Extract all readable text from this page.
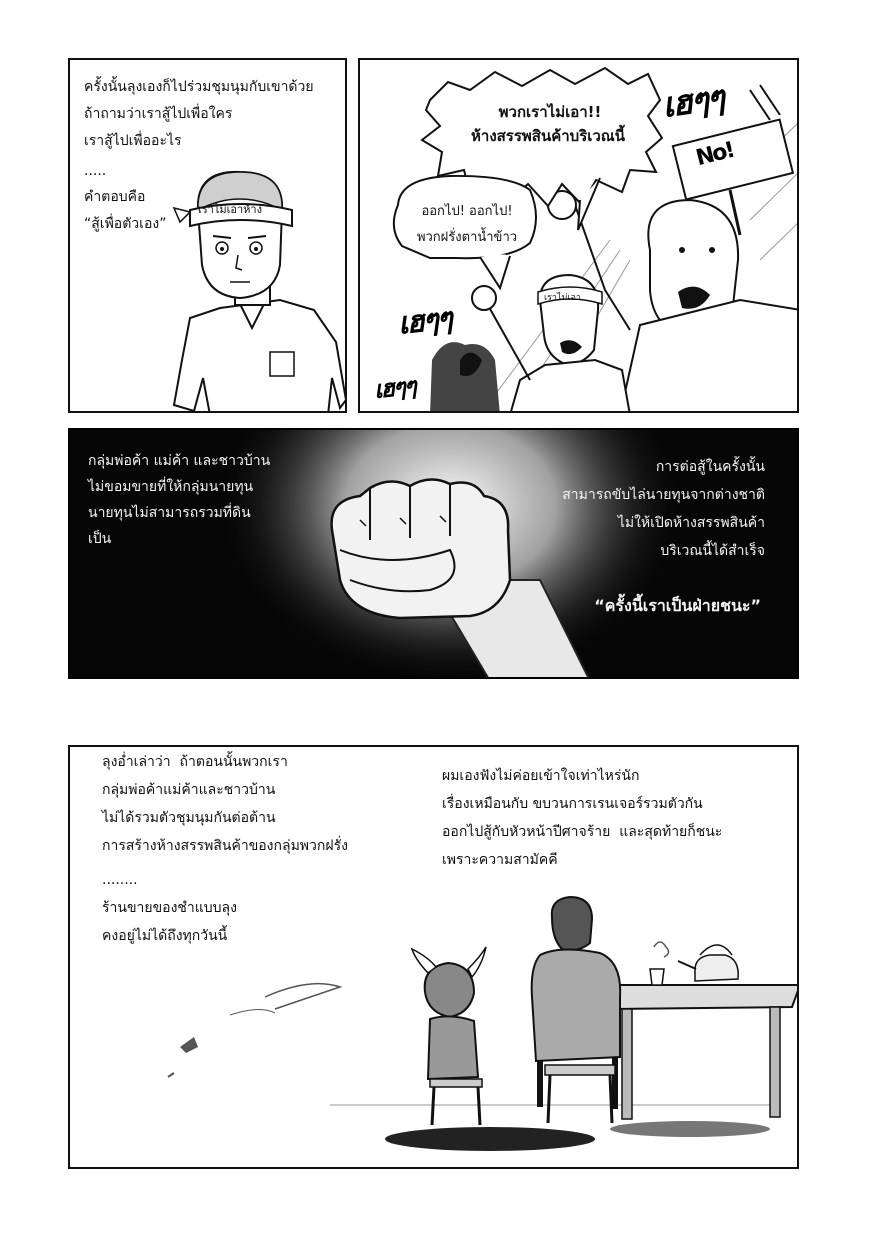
ครั้งนั้นลุงเองก็ไปร่วมชุมนุมกับเขาด้วย
ถ้าถามว่าเราสู้ไปเพื่อใคร
เราสู้ไปเพื่ออะไร
.....
คำตอบคือ
“สู้เพื่อตัวเอง”
เราไม่เอาห้าง
พวกเราไม่เอา!!
ห้างสรรพสินค้าบริเวณนี้
ออกไป! ออกไป!
พวกฝรั่งตาน้ำข้าว
เฮๆๆ
เฮๆๆ
เฮๆๆ
No!
เราไม่เอา
กลุ่มพ่อค้า แม่ค้า และชาวบ้าน
ไม่ขอมขายที่ให้กลุ่มนายทุน
นายทุนไม่สามารถรวมที่ดิน
เป็น
การต่อสู้ในครั้งนั้น
สามารถขับไล่นายทุนจากต่างชาติ
ไม่ให้เปิดห้างสรรพสินค้า
บริเวณนี้ได้สำเร็จ
“ครั้งนี้เราเป็นฝ่ายชนะ”
ลุงอ่ำเล่าว่า  ถ้าตอนนั้นพวกเรา
กลุ่มพ่อค้าแม่ค้าและชาวบ้าน
ไม่ได้รวมตัวชุมนุมกันต่อต้าน
การสร้างห้างสรรพสินค้าของกลุ่มพวกฝรั่ง
........
ร้านขายของชำแบบลุง
คงอยู่ไม่ได้ถึงทุกวันนี้
ผมเองฟังไม่ค่อยเข้าใจเท่าไหร่นัก
เรื่องเหมือนกับ ขบวนการเรนเจอร์รวมตัวกัน
ออกไปสู้กับหัวหน้าปีศาจร้าย  และสุดท้ายก็ชนะ
เพราะความสามัคคี
